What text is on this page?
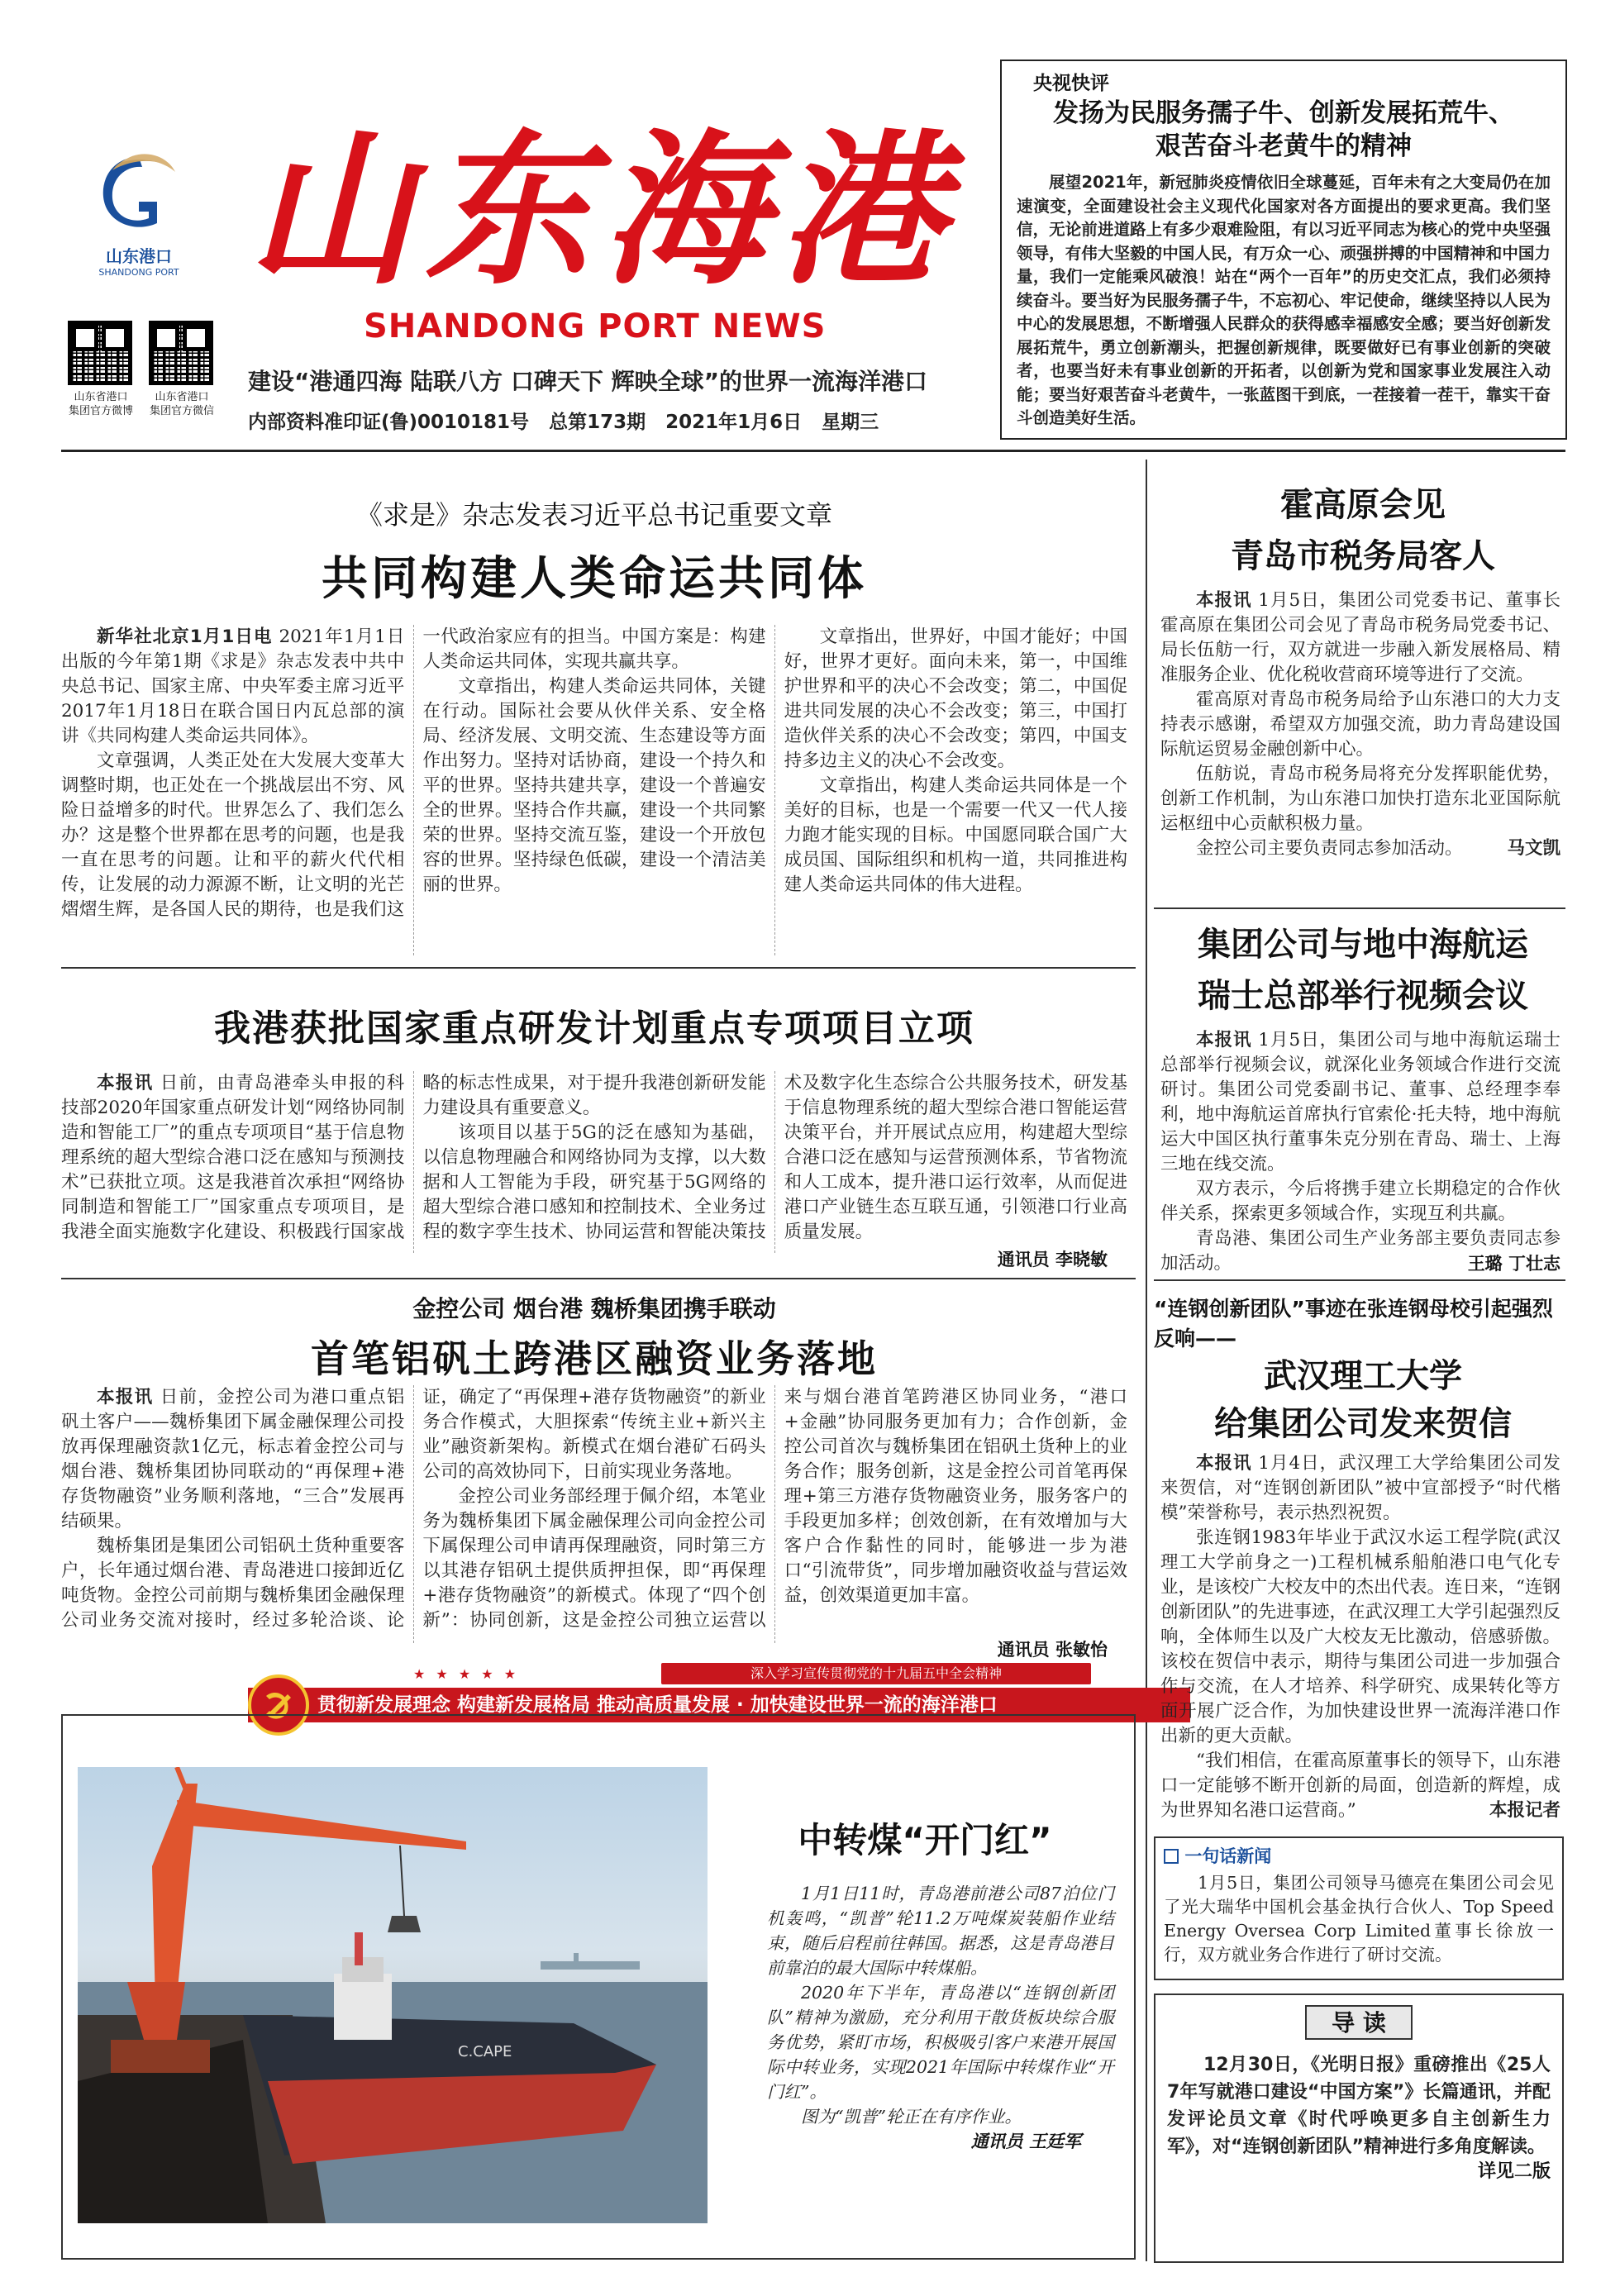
山东港口
SHANDONG PORT 山东海港
SHANDONG PORT NEWS
山东省港口
集团官方微博
山东省港口
集团官方微信
建设“港通四海 陆联八方 口碑天下 辉映全球”的世界一流海洋港口
内部资料准印证(鲁)0010181号   总第173期   2021年1月6日   星期三
央视快评
发扬为民服务孺子牛、创新发展拓荒牛、
艰苦奋斗老黄牛的精神
展望2021年，新冠肺炎疫情依旧全球蔓延，百年未有之大变局仍在加速演变，全面建设社会主义现代化国家对各方面提出的要求更高。我们坚信，无论前进道路上有多少艰难险阻，有以习近平同志为核心的党中央坚强领导，有伟大坚毅的中国人民，有万众一心、顽强拼搏的中国精神和中国力量，我们一定能乘风破浪！站在“两个一百年”的历史交汇点，我们必须持续奋斗。要当好为民服务孺子牛，不忘初心、牢记使命，继续坚持以人民为中心的发展思想，不断增强人民群众的获得感幸福感安全感；要当好创新发展拓荒牛，勇立创新潮头，把握创新规律，既要做好已有事业创新的突破者，也要当好未有事业创新的开拓者，以创新为党和国家事业发展注入动能；要当好艰苦奋斗老黄牛，一张蓝图干到底，一茬接着一茬干，靠实干奋斗创造美好生活。
《求是》杂志发表习近平总书记重要文章
共同构建人类命运共同体

新华社北京1月1日电 2021年1月1日出版的今年第1期《求是》杂志发表中共中央总书记、国家主席、中央军委主席习近平2017年1月18日在联合国日内瓦总部的演讲《共同构建人类命运共同体》。

文章强调，人类正处在大发展大变革大调整时期，也正处在一个挑战层出不穷、风险日益增多的时代。世界怎么了、我们怎么办？这是整个世界都在思考的问题，也是我一直在思考的问题。让和平的薪火代代相传，让发展的动力源源不断，让文明的光芒熠熠生辉，是各国人民的期待，也是我们这一代政治家应有的担当。中国方案是：构建人类命运共同体，实现共赢共享。

文章指出，构建人类命运共同体，关键在行动。国际社会要从伙伴关系、安全格局、经济发展、文明交流、生态建设等方面作出努力。坚持对话协商，建设一个持久和平的世界。坚持共建共享，建设一个普遍安全的世界。坚持合作共赢，建设一个共同繁荣的世界。坚持交流互鉴，建设一个开放包容的世界。坚持绿色低碳，建设一个清洁美丽的世界。

文章指出，世界好，中国才能好；中国好，世界才更好。面向未来，第一，中国维护世界和平的决心不会改变；第二，中国促进共同发展的决心不会改变；第三，中国打造伙伴关系的决心不会改变；第四，中国支持多边主义的决心不会改变。

文章指出，构建人类命运共同体是一个美好的目标，也是一个需要一代又一代人接力跑才能实现的目标。中国愿同联合国广大成员国、国际组织和机构一道，共同推进构建人类命运共同体的伟大进程。

我港获批国家重点研发计划重点专项项目立项

本报讯 日前，由青岛港牵头申报的科技部2020年国家重点研发计划“网络协同制造和智能工厂”的重点专项项目“基于信息物理系统的超大型综合港口泛在感知与预测技术”已获批立项。这是我港首次承担“网络协同制造和智能工厂”国家重点专项项目，是我港全面实施数字化建设、积极践行国家战略的标志性成果，对于提升我港创新研发能力建设具有重要意义。

该项目以基于5G的泛在感知为基础，以信息物理融合和网络协同为支撑，以大数据和人工智能为手段，研究基于5G网络的超大型综合港口感知和控制技术、全业务过程的数字孪生技术、协同运营和智能决策技术及数字化生态综合公共服务技术，研发基于信息物理系统的超大型综合港口智能运营决策平台，并开展试点应用，构建超大型综合港口泛在感知与运营预测体系，节省物流和人工成本，提升港口运行效率，从而促进港口产业链生态互联互通，引领港口行业高质量发展。

通讯员 李晓敏
金控公司 烟台港 魏桥集团携手联动
首笔铝矾土跨港区融资业务落地

本报讯 日前，金控公司为港口重点铝矾土客户——魏桥集团下属金融保理公司投放再保理融资款1亿元，标志着金控公司与烟台港、魏桥集团协同联动的“再保理+港存货物融资”业务顺利落地，“三合”发展再结硕果。

魏桥集团是集团公司铝矾土货种重要客户，长年通过烟台港、青岛港进口接卸近亿吨货物。金控公司前期与魏桥集团金融保理公司业务交流对接时，经过多轮洽谈、论证，确定了“再保理+港存货物融资”的新业务合作模式，大胆探索“传统主业+新兴主业”融资新架构。新模式在烟台港矿石码头公司的高效协同下，日前实现业务落地。

金控公司业务部经理于佩介绍，本笔业务为魏桥集团下属金融保理公司向金控公司下属保理公司申请再保理融资，同时第三方以其港存铝矾土提供质押担保，即“再保理+港存货物融资”的新模式。体现了“四个创新”：协同创新，这是金控公司独立运营以来与烟台港首笔跨港区协同业务，“港口+金融”协同服务更加有力；合作创新，金控公司首次与魏桥集团在铝矾土货种上的业务合作；服务创新，这是金控公司首笔再保理+第三方港存货物融资业务，服务客户的手段更加多样；创效创新，在有效增加与大客户合作黏性的同时，能够进一步为港口“引流带货”，同步增加融资收益与营运效益，创效渠道更加丰富。

通讯员 张敏怡
★ ★ ★ ★ ★	深入学习宣传贯彻党的十九届五中全会精神
贯彻新发展理念 构建新发展格局 推动高质量发展 · 加快建设世界一流的海洋港口
C.CAPE
中转煤“开门红”

1月1日11时，青岛港前港公司87泊位门机轰鸣，“凯普”轮11.2万吨煤炭装船作业结束，随后启程前往韩国。据悉，这是青岛港目前靠泊的最大国际中转煤船。

2020年下半年，青岛港以“连钢创新团队”精神为激励，充分利用干散货板块综合服务优势，紧盯市场，积极吸引客户来港开展国际中转业务，实现2021年国际中转煤作业“开门红”。

图为“凯普”轮正在有序作业。

通讯员 王廷军
霍高原会见
青岛市税务局客人

本报讯 1月5日，集团公司党委书记、董事长霍高原在集团公司会见了青岛市税务局党委书记、局长伍舫一行，双方就进一步融入新发展格局、精准服务企业、优化税收营商环境等进行了交流。

霍高原对青岛市税务局给予山东港口的大力支持表示感谢，希望双方加强交流，助力青岛建设国际航运贸易金融创新中心。

伍舫说，青岛市税务局将充分发挥职能优势，创新工作机制，为山东港口加快打造东北亚国际航运枢纽中心贡献积极力量。

金控公司主要负责同志参加活动。	马文凯

集团公司与地中海航运
瑞士总部举行视频会议

本报讯 1月5日，集团公司与地中海航运瑞士总部举行视频会议，就深化业务领域合作进行交流研讨。集团公司党委副书记、董事、总经理李奉利，地中海航运首席执行官索伦·托夫特，地中海航运大中国区执行董事朱克分别在青岛、瑞士、上海三地在线交流。

双方表示，今后将携手建立长期稳定的合作伙伴关系，探索更多领域合作，实现互利共赢。

青岛港、集团公司生产业务部主要负责同志参加活动。	王璐 丁壮志
“连钢创新团队”事迹在张连钢母校引起强烈反响——
武汉理工大学
给集团公司发来贺信

本报讯 1月4日，武汉理工大学给集团公司发来贺信，对“连钢创新团队”被中宣部授予“时代楷模”荣誉称号，表示热烈祝贺。

张连钢1983年毕业于武汉水运工程学院(武汉理工大学前身之一)工程机械系船舶港口电气化专业，是该校广大校友中的杰出代表。连日来，“连钢创新团队”的先进事迹，在武汉理工大学引起强烈反响，全体师生以及广大校友无比激动，倍感骄傲。该校在贺信中表示，期待与集团公司进一步加强合作与交流，在人才培养、科学研究、成果转化等方面开展广泛合作，为加快建设世界一流海洋港口作出新的更大贡献。

“我们相信，在霍高原董事长的领导下，山东港口一定能够不断开创新的局面，创造新的辉煌，成为世界知名港口运营商。”	本报记者

一句话新闻
1月5日，集团公司领导马德亮在集团公司会见了光大瑞华中国机会基金执行合伙人、Top Speed Energy Oversea Corp Limited董事长徐放一行，双方就业务合作进行了研讨交流。
导 读
12月30日，《光明日报》重磅推出《25人7年写就港口建设“中国方案”》长篇通讯，并配发评论员文章《时代呼唤更多自主创新生力军》，对“连钢创新团队”精神进行多角度解读。
详见二版
